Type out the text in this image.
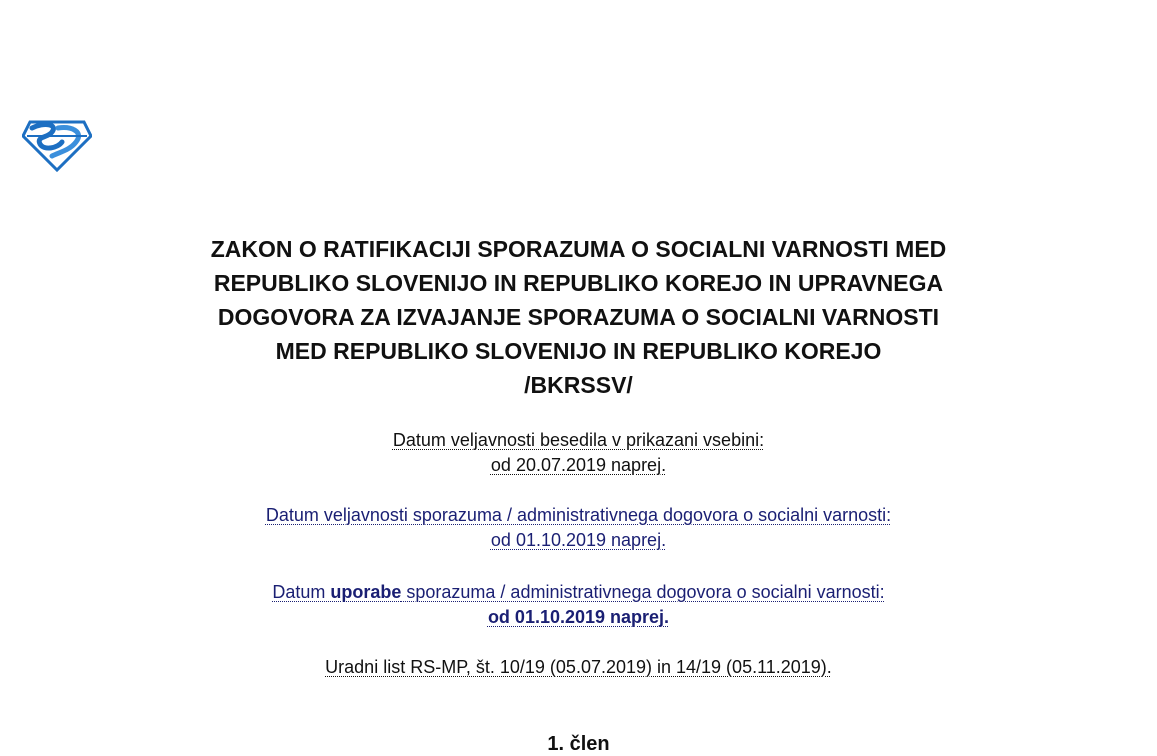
ZAKON O RATIFIKACIJI SPORAZUMA O SOCIALNI VARNOSTI MED
REPUBLIKO SLOVENIJO IN REPUBLIKO KOREJO IN UPRAVNEGA
DOGOVORA ZA IZVAJANJE SPORAZUMA O SOCIALNI VARNOSTI
MED REPUBLIKO SLOVENIJO IN REPUBLIKO KOREJO
/BKRSSV/
Datum veljavnosti besedila v prikazani vsebini:
od 20.07.2019 naprej.
Datum veljavnosti sporazuma / administrativnega dogovora o socialni varnosti:
od 01.10.2019 naprej.
Datum uporabe sporazuma / administrativnega dogovora o socialni varnosti:
od 01.10.2019 naprej.
Uradni list RS-MP, št. 10/19 (05.07.2019) in 14/19 (05.11.2019).
1. člen
